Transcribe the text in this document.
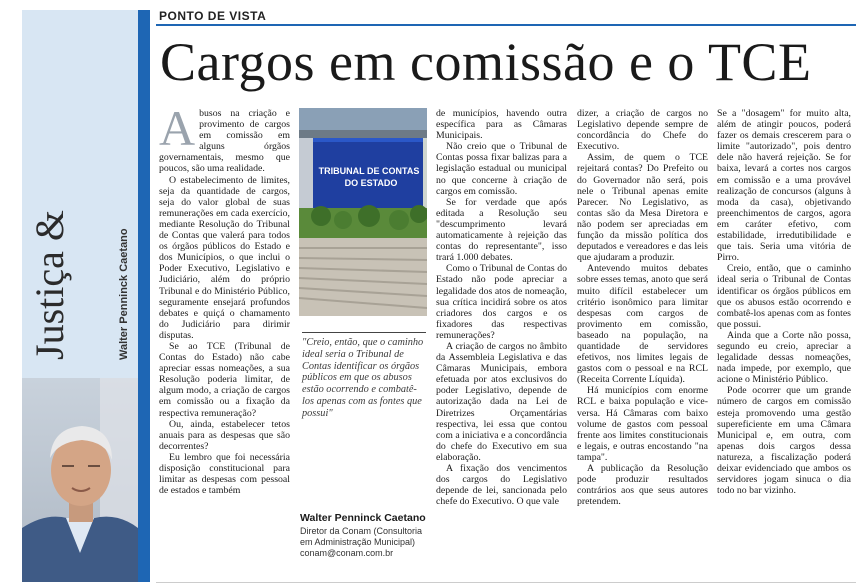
Justiça &	Walter Penninck Caetano
PONTO DE VISTA
Cargos em comissão e o TCE

Abusos na criação e provimento de cargos em comissão em alguns órgãos governamentais, mesmo que poucos, são uma realidade.

O estabelecimento de limites, seja da quantidade de cargos, seja do valor global de suas remunerações em cada exercício, mediante Resolução do Tribunal de Contas que valerá para todos os órgãos públicos do Estado e dos Municípios, o que inclui o Poder Executivo, Legislativo e Judiciário, além do próprio Tribunal e do Ministério Público, seguramente ensejará profundos debates e quiçá o chamamento do Judiciário para dirimir disputas.

Se ao TCE (Tribunal de Contas do Estado) não cabe apreciar essas nomeações, a sua Resolução poderia limitar, de algum modo, a criação de cargos em comissão ou a fixação da respectiva remuneração?

Ou, ainda, estabelecer tetos anuais para as despesas que são decorrentes?

Eu lembro que foi necessária disposição constitucional para limitar as despesas com pessoal de estados e também

TRIBUNAL DE CONTAS
DO ESTADO
"Creio, então, que o caminho ideal seria o Tribunal de Contas identificar os órgãos públicos em que os abusos estão ocorrendo e combatê-los apenas com as fontes que possui"
Walter Penninck Caetano
Diretor da Conam (Consultoria
em Administração Municipal)
conam@conam.com.br

de municípios, havendo outra específica para as Câmaras Municipais.

Não creio que o Tribunal de Contas possa fixar balizas para a legislação estadual ou municipal no que concerne à criação de cargos em comissão.

Se for verdade que após editada a Resolução seu "descumprimento levará automaticamente à rejeição das contas do representante", isso trará 1.000 debates.

Como o Tribunal de Contas do Estado não pode apreciar a legalidade dos atos de nomeação, sua crítica incidirá sobre os atos criadores dos cargos e os fixadores das respectivas remunerações?

A criação de cargos no âmbito da Assembleia Legislativa e das Câmaras Municipais, embora efetuada por atos exclusivos do poder Legislativo, depende de autorização dada na Lei de Diretrizes Orçamentárias respectiva, lei essa que contou com a iniciativa e a concordância do chefe do Executivo em sua elaboração.

A fixação dos vencimentos dos cargos do Legislativo depende de lei, sancionada pelo chefe do Executivo. O que vale

dizer, a criação de cargos no Legislativo depende sempre de concordância do Chefe do Executivo.

Assim, de quem o TCE rejeitará contas? Do Prefeito ou do Governador não será, pois nele o Tribunal apenas emite Parecer. No Legislativo, as contas são da Mesa Diretora e não podem ser apreciadas em função da missão política dos deputados e vereadores e das leis que ajudaram a produzir.

Antevendo muitos debates sobre esses temas, anoto que será muito difícil estabelecer um critério isonômico para limitar despesas com cargos de provimento em comissão, baseado na população, na quantidade de servidores efetivos, nos limites legais de gastos com o pessoal e na RCL (Receita Corrente Líquida).

Há municípios com enorme RCL e baixa população e vice-versa. Há Câmaras com baixo volume de gastos com pessoal frente aos limites constitucionais e legais, e outras encostando "na tampa".

A publicação da Resolução pode produzir resultados contrários aos que seus autores pretendem.

Se a "dosagem" for muito alta, além de atingir poucos, poderá fazer os demais crescerem para o limite "autorizado", pois dentro dele não haverá rejeição. Se for baixa, levará a cortes nos cargos em comissão e a uma provável realização de concursos (alguns à moda da casa), objetivando preenchimentos de cargos, agora em caráter efetivo, com estabilidade, irredutibilidade e que tais. Seria uma vitória de Pirro.

Creio, então, que o caminho ideal seria o Tribunal de Contas identificar os órgãos públicos em que os abusos estão ocorrendo e combatê-los apenas com as fontes que possui.

Ainda que a Corte não possa, segundo eu creio, apreciar a legalidade dessas nomeações, nada impede, por exemplo, que acione o Ministério Público.

Pode ocorrer que um grande número de cargos em comissão esteja promovendo uma gestão supereficiente em uma Câmara Municipal e, em outra, com apenas dois cargos dessa natureza, a fiscalização poderá deixar evidenciado que ambos os servidores jogam sinuca o dia todo no bar vizinho.
